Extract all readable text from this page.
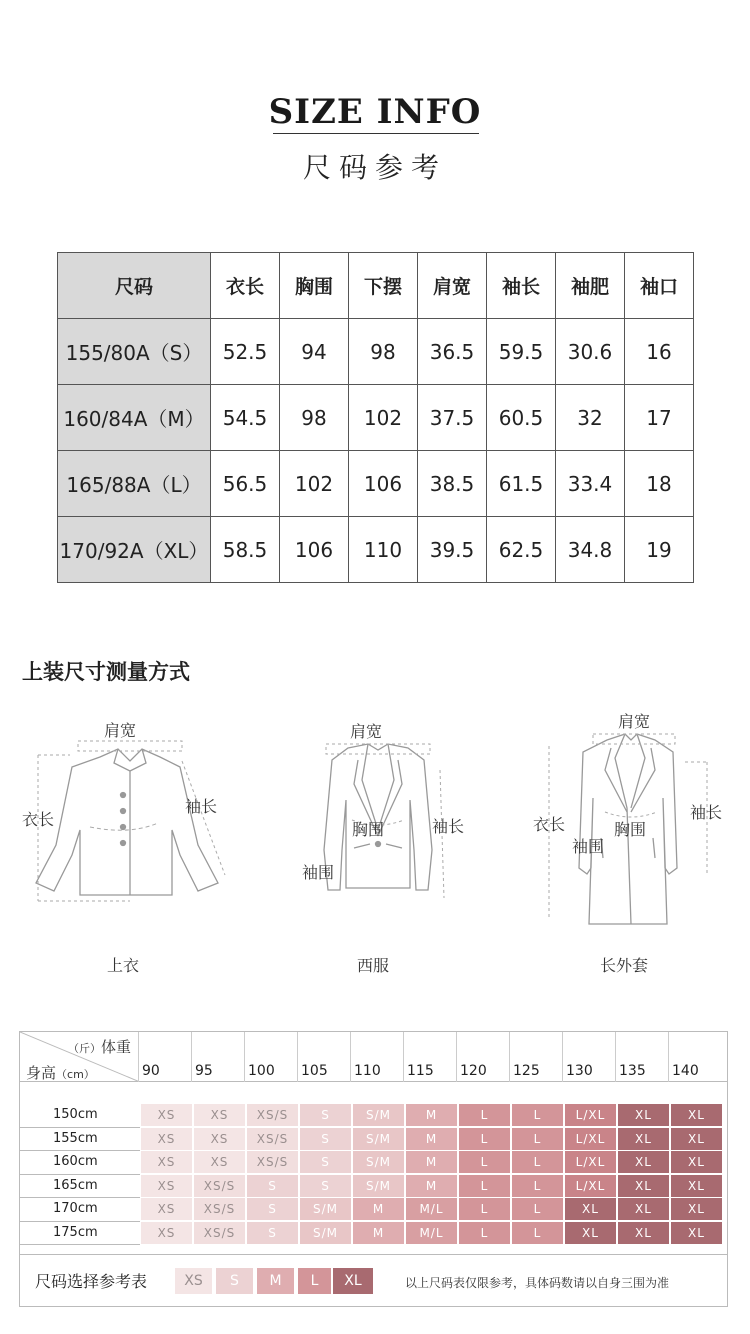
SIZE INFO
尺码参考
尺码	衣长	胸围	下摆	肩宽	袖长	袖肥	袖口
155/80A（S）	52.5	94	98	36.5	59.5	30.6	16
160/84A（M）	54.5	98	102	37.5	60.5	32	17
165/88A（L）	56.5	102	106	38.5	61.5	33.4	18
170/92A（XL）	58.5	106	110	39.5	62.5	34.8	19
上装尺寸测量方式
肩宽
衣长
袖长
上衣
肩宽
胸围	袖长
袖围
西服
肩宽
衣长	胸围
袖围
袖长
长外套
（斤）体重
身高（cm）	90	95	100 105 110 115 120 125 130 135 140
150cm	XS	XS	XS/S	S	S/M	M	L	L	L/XL	XL	XL
155cm	XS	XS	XS/S	S	S/M	M	L	L	L/XL	XL	XL
160cm	XS	XS	XS/S	S	S/M	M	L	L	L/XL	XL	XL
165cm	XS	XS/S	S	S	S/M	M	L	L	L/XL	XL	XL
170cm	XS	XS/S	S	S/M	M	M/L	L	L	XL	XL	XL
175cm	XS	XS/S	S	S/M	M	M/L	L	L	XL	XL	XL
尺码选择参考表	XS	S	M	L	XL	以上尺码表仅限参考，具体码数请以自身三围为准
